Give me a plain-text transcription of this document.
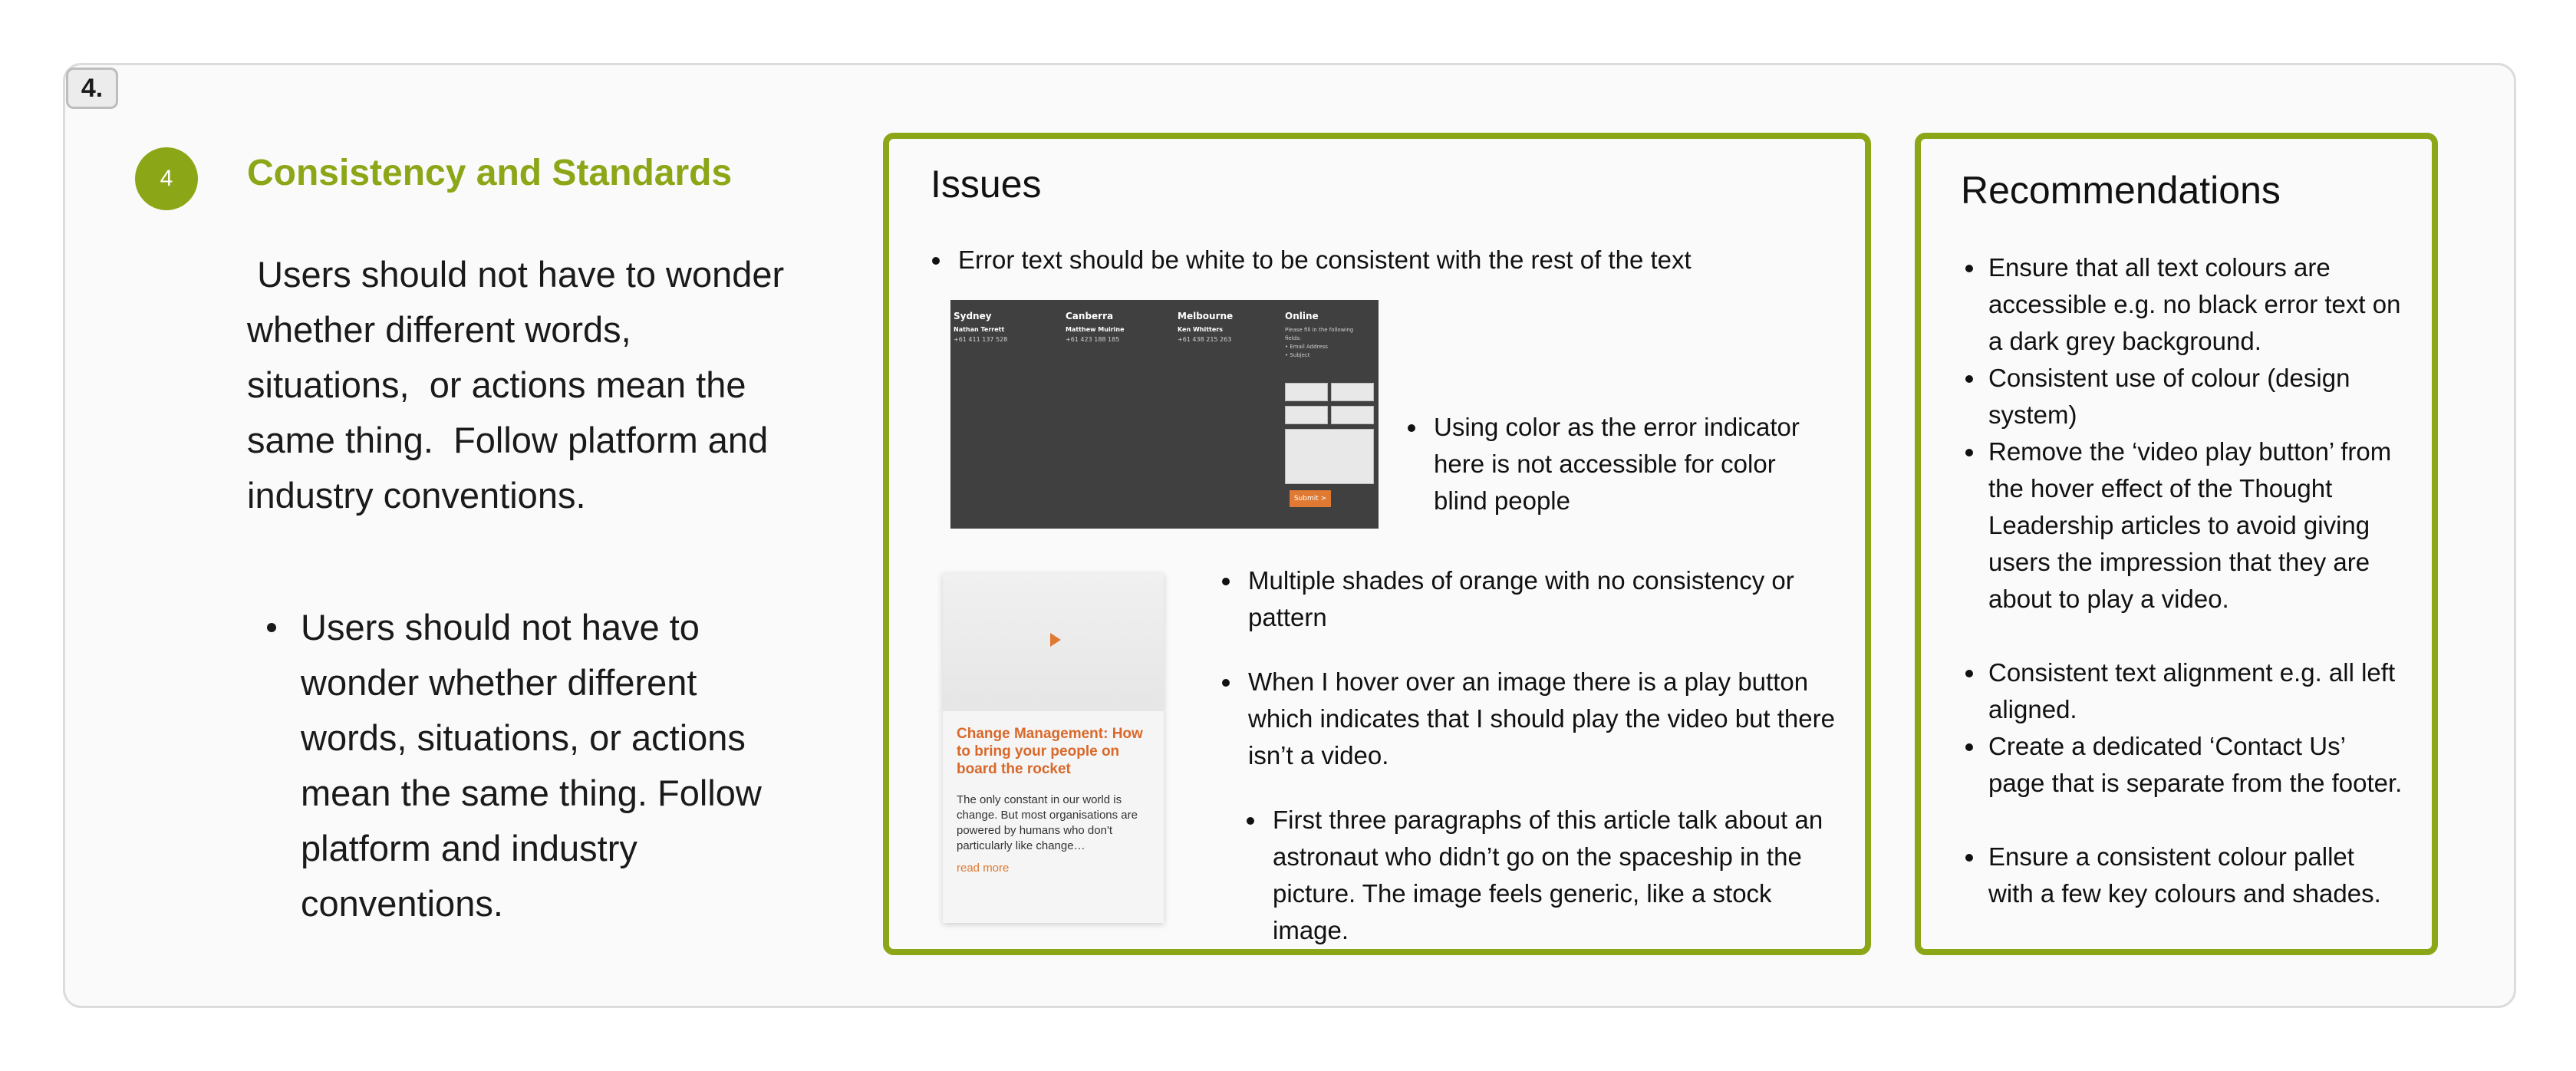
4.
4	Consistency and Standards
Users should not have to wonder  whether different words, situations,  or actions mean the same thing.  Follow platform and industry conventions.
Users should not have to wonder whether different words, situations, or actions mean the same thing. Follow platform and industry conventions.
Issues
Error text should be white to be consistent with the rest of the text
Sydney
Nathan Terrett
+61 411 137 528
Canberra
Matthew Muirine
+61 423 188 185
Melbourne
Ken Whitters
+61 438 215 263
Online
Please fill in the following fields:
• Email Address
• Subject
Submit >
Using color as the error indicator here is not accessible for color blind people
Change Management: How to bring your people on board the rocket
The only constant in our world is change. But most organisations are powered by humans who don't particularly like change…
read more
Multiple shades of orange with no consistency or pattern
When I hover over an image there is a play button which indicates that I should play the video but there isn’t a video.
First three paragraphs of this article talk about an astronaut who didn’t go on the spaceship in the picture. The image feels generic, like a stock image.
Recommendations
Ensure that all text colours are accessible e.g. no black error text on a dark grey background.
Consistent use of colour (design system)
Remove the ‘video play button’ from the hover effect of the Thought Leadership articles to avoid giving users the impression that they are about to play a video.
Consistent text alignment e.g. all left aligned.
Create a dedicated ‘Contact Us’ page that is separate from the footer.
Ensure a consistent colour pallet with a few key colours and shades.
